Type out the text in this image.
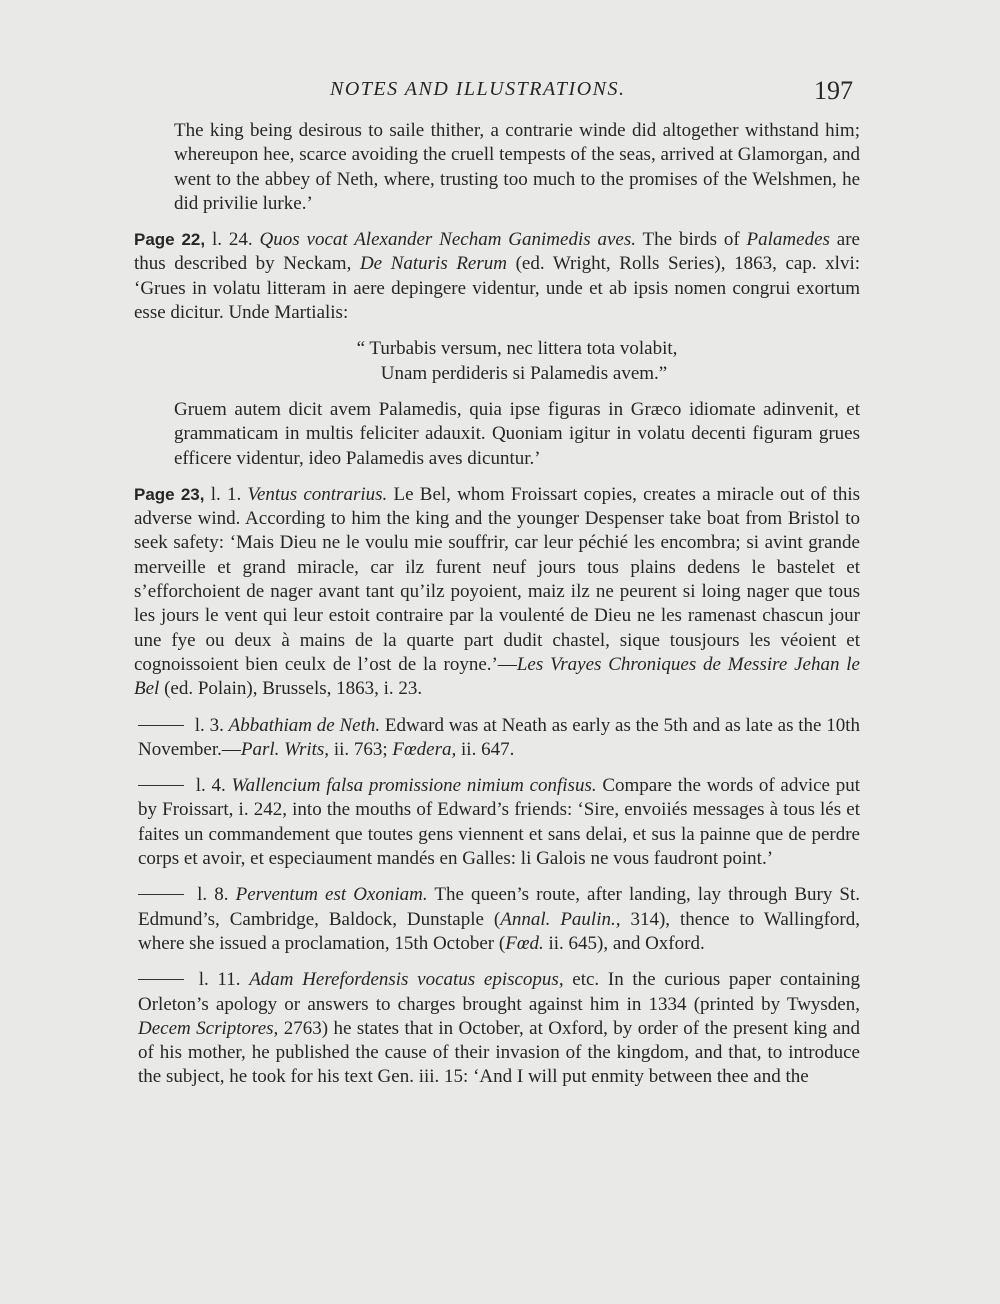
NOTES AND ILLUSTRATIONS.	197

The king being desirous to saile thither, a contrarie winde did altogether withstand him; whereupon hee, scarce avoiding the cruell tempests of the seas, arrived at Glamorgan, and went to the abbey of Neth, where, trusting too much to the promises of the Welshmen, he did privilie lurke.’

Page 22, l. 24. Quos vocat Alexander Necham Ganimedis aves. The birds of Palamedes are thus described by Neckam, De Naturis Rerum (ed. Wright, Rolls Series), 1863, cap. xlvi: ‘Grues in volatu litteram in aere depingere videntur, unde et ab ipsis nomen congrui exortum esse dicitur. Unde Martialis:

“ Turbabis versum, nec littera tota volabit,
Unam perdideris si Palamedis avem.”

Gruem autem dicit avem Palamedis, quia ipse figuras in Græco idiomate adinvenit, et grammaticam in multis feliciter adauxit. Quoniam igitur in volatu decenti figuram grues efficere videntur, ideo Palamedis aves dicuntur.’

Page 23, l. 1. Ventus contrarius. Le Bel, whom Froissart copies, creates a miracle out of this adverse wind. According to him the king and the younger Despenser take boat from Bristol to seek safety: ‘Mais Dieu ne le voulu mie souffrir, car leur péchié les encombra; si avint grande merveille et grand miracle, car ilz furent neuf jours tous plains dedens le bastelet et s’efforchoient de nager avant tant qu’ilz poyoient, maiz ilz ne peurent si loing nager que tous les jours le vent qui leur estoit contraire par la voulenté de Dieu ne les ramenast chascun jour une fye ou deux à mains de la quarte part dudit chastel, sique tousjours les véoient et cognoissoient bien ceulx de l’ost de la royne.’—Les Vrayes Chroniques de Messire Jehan le Bel (ed. Polain), Brussels, 1863, i. 23.

l. 3. Abbathiam de Neth. Edward was at Neath as early as the 5th and as late as the 10th November.—Parl. Writs, ii. 763; Fœdera, ii. 647.

l. 4. Wallencium falsa promissione nimium confisus. Compare the words of advice put by Froissart, i. 242, into the mouths of Edward’s friends: ‘Sire, envoiiés messages à tous lés et faites un commandement que toutes gens viennent et sans delai, et sus la painne que de perdre corps et avoir, et especiaument mandés en Galles: li Galois ne vous faudront point.’

l. 8. Perventum est Oxoniam. The queen’s route, after landing, lay through Bury St. Edmund’s, Cambridge, Baldock, Dunstaple (Annal. Paulin., 314), thence to Wallingford, where she issued a proclamation, 15th October (Fœd. ii. 645), and Oxford.

l. 11. Adam Herefordensis vocatus episcopus, etc. In the curious paper containing Orleton’s apology or answers to charges brought against him in 1334 (printed by Twysden, Decem Scriptores, 2763) he states that in October, at Oxford, by order of the present king and of his mother, he published the cause of their invasion of the kingdom, and that, to introduce the subject, he took for his text Gen. iii. 15: ‘And I will put enmity between thee and the
